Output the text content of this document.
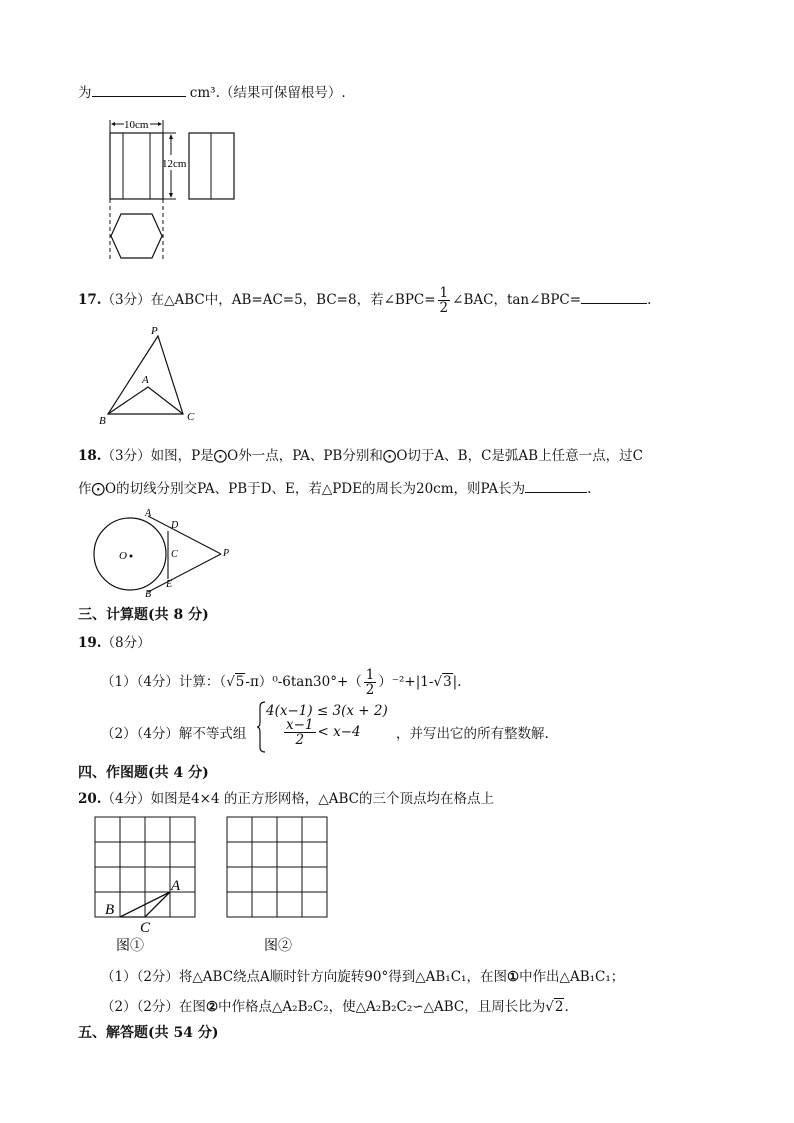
为	cm³.（结果可保留根号）.
10cm
12cm
17.（3分）在△ABC中，AB=AC=5，BC=8，若∠BPC= $\frac{1}{2}$ ∠BAC，tan∠BPC=	.
P
A
B	C
18.（3分）如图，P是⨀O外一点，PA、PB分别和⨀O切于A、B，C是弧AB上任意一点，过C
作⨀O的切线分别交PA、PB于D、E，若△PDE的周长为20cm，则PA长为	.
O
A
D
C
E
P
B
三、计算题(共 8 分)
19.（8分）
（1）（4分）计算：$(√5-\pi)^0-6\tan 30^\circ+( \frac{1}{2} )^{-2}+|1-√3|$.
（2）（4分）解不等式组
4(x−1) ≤ 3(x + 2)
$\frac{x-1}{2} < x-4$	，并写出它的所有整数解.
四、作图题(共 4 分)
20.（4分）如图是4×4 的正方形网格，△ABC的三个顶点均在格点上
A
B
C
图①	图②
（1）（2分）将△ABC绕点A顺时针方向旋转90°得到△AB₁C₁，在图①中作出△AB₁C₁；
（2）（2分）在图②中作格点△A₂B₂C₂，使△A₂B₂C₂∽△ABC，且周长比为√2.
五、解答题(共 54 分)
